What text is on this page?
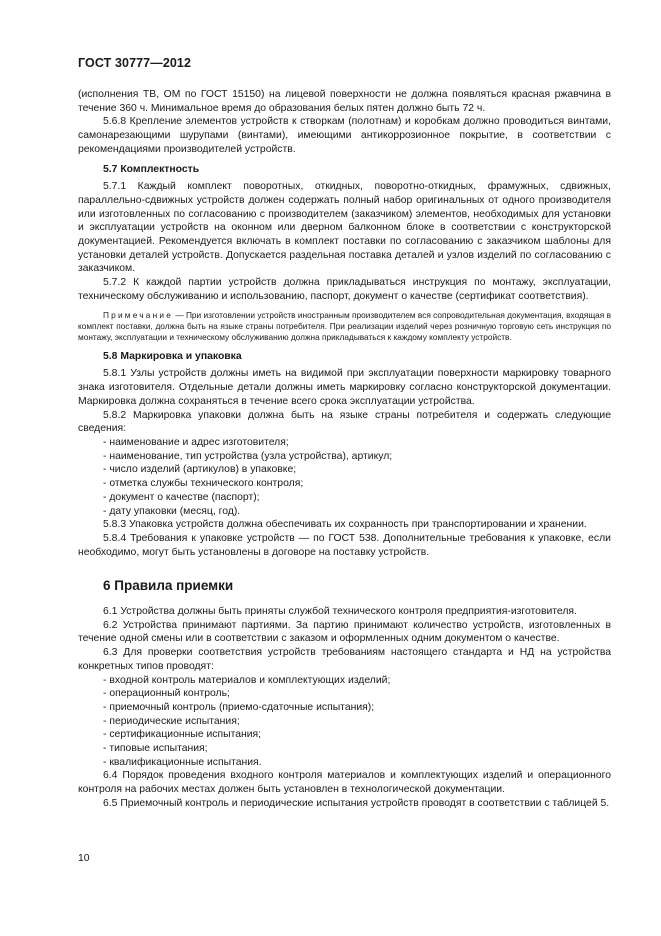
ГОСТ 30777—2012

(исполнения ТВ, ОМ по ГОСТ 15150) на лицевой поверхности не должна появляться красная ржавчина в течение 360 ч. Минимальное время до образования белых пятен должно быть 72 ч.

5.6.8 Крепление элементов устройств к створкам (полотнам) и коробкам должно проводиться винтами, самонарезающими шурупами (винтами), имеющими антикоррозионное покрытие, в соответствии с рекомендациями производителей устройств.

5.7 Комплектность

5.7.1 Каждый комплект поворотных, откидных, поворотно-откидных, фрамужных, сдвижных, параллельно-сдвижных устройств должен содержать полный набор оригинальных от одного производителя или изготовленных по согласованию с производителем (заказчиком) элементов, необходимых для установки и эксплуатации устройств на оконном или дверном балконном блоке в соответствии с конструкторской документацией. Рекомендуется включать в комплект поставки по согласованию с заказчиком шаблоны для установки деталей устройств. Допускается раздельная поставка деталей и узлов изделий по согласованию с заказчиком.

5.7.2 К каждой партии устройств должна прикладываться инструкция по монтажу, эксплуатации, техническому обслуживанию и использованию, паспорт, документ о качестве (сертификат соответствия).

Примечание — При изготовлении устройств иностранным производителем вся сопроводительная документация, входящая в комплект поставки, должна быть на языке страны потребителя. При реализации изделий через розничную торговую сеть инструкция по монтажу, эксплуатации и техническому обслуживанию должна прикладываться к каждому комплекту устройств.

5.8 Маркировка и упаковка

5.8.1 Узлы устройств должны иметь на видимой при эксплуатации поверхности маркировку товарного знака изготовителя. Отдельные детали должны иметь маркировку согласно конструкторской документации. Маркировка должна сохраняться в течение всего срока эксплуатации устройства.

5.8.2 Маркировка упаковки должна быть на языке страны потребителя и содержать следующие сведения:

- наименование и адрес изготовителя;

- наименование, тип устройства (узла устройства), артикул;

- число изделий (артикулов) в упаковке;

- отметка службы технического контроля;

- документ о качестве (паспорт);

- дату упаковки (месяц, год).

5.8.3 Упаковка устройств должна обеспечивать их сохранность при транспортировании и хранении.

5.8.4 Требования к упаковке устройств — по ГОСТ 538. Дополнительные требования к упаковке, если необходимо, могут быть установлены в договоре на поставку устройств.

6 Правила приемки

6.1 Устройства должны быть приняты службой технического контроля предприятия-изготовителя.

6.2 Устройства принимают партиями. За партию принимают количество устройств, изготовленных в течение одной смены или в соответствии с заказом и оформленных одним документом о качестве.

6.3 Для проверки соответствия устройств требованиям настоящего стандарта и НД на устройства конкретных типов проводят:

- входной контроль материалов и комплектующих изделий;

- операционный контроль;

- приемочный контроль (приемо-сдаточные испытания);

- периодические испытания;

- сертификационные испытания;

- типовые испытания;

- квалификационные испытания.

6.4 Порядок проведения входного контроля материалов и комплектующих изделий и операционного контроля на рабочих местах должен быть установлен в технологической документации.

6.5 Приемочный контроль и периодические испытания устройств проводят в соответствии с таблицей 5.

10
